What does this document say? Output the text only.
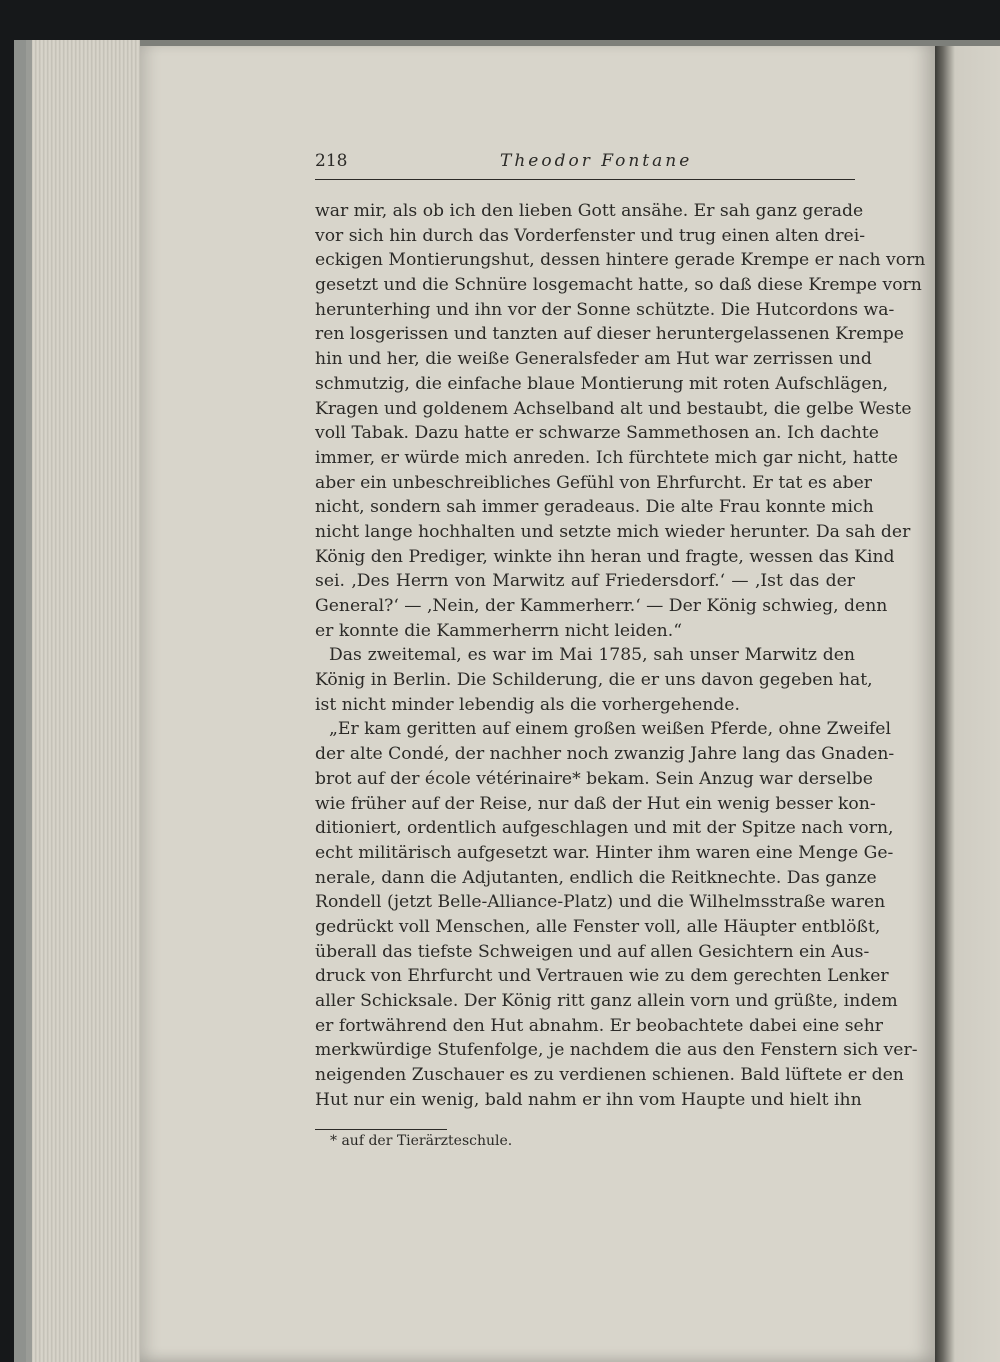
218	Theodor Fontane
war mir, als ob ich den lieben Gott ansähe. Er sah ganz gerade
vor sich hin durch das Vorderfenster und trug einen alten drei-
eckigen Montierungshut, dessen hintere gerade Krempe er nach vorn
gesetzt und die Schnüre losgemacht hatte, so daß diese Krempe vorn
herunterhing und ihn vor der Sonne schützte. Die Hutcordons wa-
ren losgerissen und tanzten auf dieser heruntergelassenen Krempe
hin und her, die weiße Generalsfeder am Hut war zerrissen und
schmutzig, die einfache blaue Montierung mit roten Aufschlägen,
Kragen und goldenem Achselband alt und bestaubt, die gelbe Weste
voll Tabak. Dazu hatte er schwarze Sammethosen an. Ich dachte
immer, er würde mich anreden. Ich fürchtete mich gar nicht, hatte
aber ein unbeschreibliches Gefühl von Ehrfurcht. Er tat es aber
nicht, sondern sah immer geradeaus. Die alte Frau konnte mich
nicht lange hochhalten und setzte mich wieder herunter. Da sah der
König den Prediger, winkte ihn heran und fragte, wessen das Kind
sei. ‚Des Herrn von Marwitz auf Friedersdorf.‘ — ‚Ist das der
General?‘ — ‚Nein, der Kammerherr.‘ — Der König schwieg, denn
er konnte die Kammerherrn nicht leiden.“
Das zweitemal, es war im Mai 1785, sah unser Marwitz den
König in Berlin. Die Schilderung, die er uns davon gegeben hat,
ist nicht minder lebendig als die vorhergehende.
„Er kam geritten auf einem großen weißen Pferde, ohne Zweifel
der alte Condé, der nachher noch zwanzig Jahre lang das Gnaden-
brot auf der école vétérinaire* bekam. Sein Anzug war derselbe
wie früher auf der Reise, nur daß der Hut ein wenig besser kon-
ditioniert, ordentlich aufgeschlagen und mit der Spitze nach vorn,
echt militärisch aufgesetzt war. Hinter ihm waren eine Menge Ge-
nerale, dann die Adjutanten, endlich die Reitknechte. Das ganze
Rondell (jetzt Belle-Alliance-Platz) und die Wilhelmsstraße waren
gedrückt voll Menschen, alle Fenster voll, alle Häupter entblößt,
überall das tiefste Schweigen und auf allen Gesichtern ein Aus-
druck von Ehrfurcht und Vertrauen wie zu dem gerechten Lenker
aller Schicksale. Der König ritt ganz allein vorn und grüßte, indem
er fortwährend den Hut abnahm. Er beobachtete dabei eine sehr
merkwürdige Stufenfolge, je nachdem die aus den Fenstern sich ver-
neigenden Zuschauer es zu verdienen schienen. Bald lüftete er den
Hut nur ein wenig, bald nahm er ihn vom Haupte und hielt ihn
* auf der Tierärzteschule.
